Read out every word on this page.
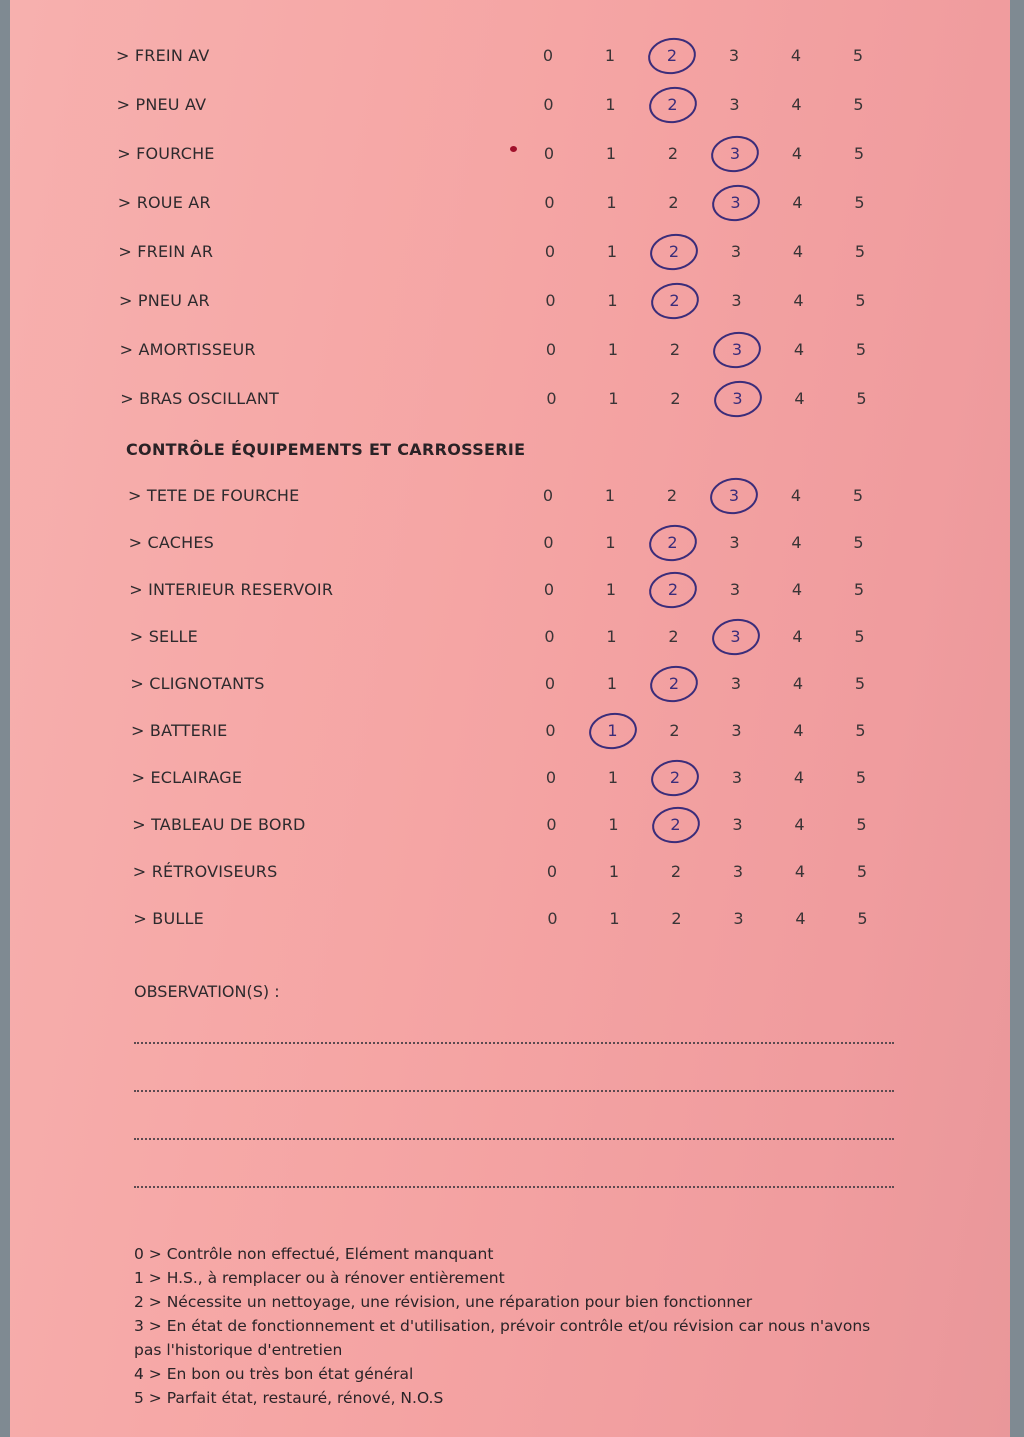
> FREIN AV	0	1	2	3	4	5
> PNEU AV	0	1	2	3	4	5
> FOURCHE	0	1	2	3	4	5
> ROUE AR	0	1	2	3	4	5
> FREIN AR	0	1	2	3	4	5
> PNEU AR	0	1	2	3	4	5
> AMORTISSEUR	0	1	2	3	4	5
> BRAS OSCILLANT	0	1	2	3	4	5
CONTRÔLE ÉQUIPEMENTS ET CARROSSERIE
> TETE DE FOURCHE	0	1	2	3	4	5
> CACHES	0	1	2	3	4	5
> INTERIEUR RESERVOIR	0	1	2	3	4	5
> SELLE	0	1	2	3	4	5
> CLIGNOTANTS	0	1	2	3	4	5
> BATTERIE	0	1	2	3	4	5
> ECLAIRAGE	0	1	2	3	4	5
> TABLEAU DE BORD	0	1	2	3	4	5
> RÉTROVISEURS	0	1	2	3	4	5
> BULLE	0	1	2	3	4	5
OBSERVATION(S) :

0 > Contrôle non effectué, Elément manquant

1 > H.S., à remplacer ou à rénover entièrement

2 > Nécessite un nettoyage, une révision, une réparation pour bien fonctionner

3 > En état de fonctionnement et d'utilisation, prévoir contrôle et/ou révision car nous n'avons pas l'historique d'entretien

4 > En bon ou très bon état général

5 > Parfait état, restauré, rénové, N.O.S
